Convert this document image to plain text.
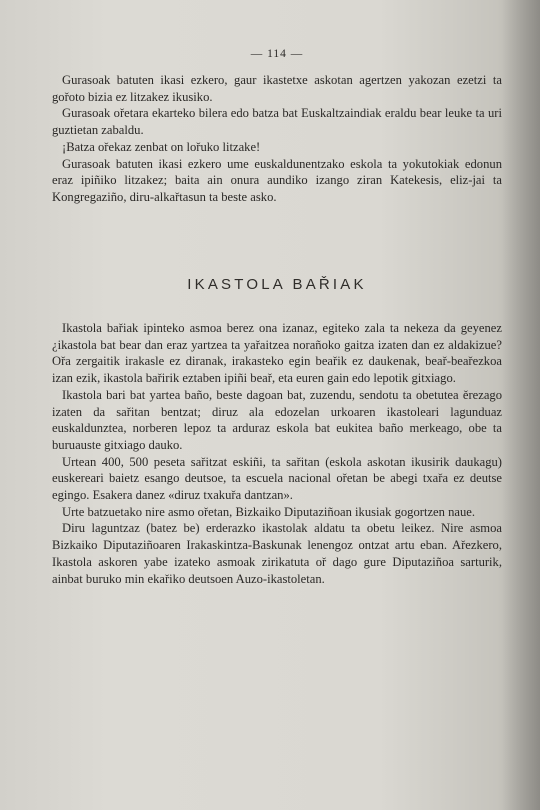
— 114 —

Gurasoak batuten ikasi ezkero, gaur ikastetxe askotan agertzen yakozan ezetzi ta gořoto bizia ez litzakez ikusiko.

Gurasoak ořetara ekarteko bilera edo batza bat Euskaltzaindiak eraldu bear leuke ta uri guztietan zabaldu.

¡Batza ořekaz zenbat on lořuko litzake!

Gurasoak batuten ikasi ezkero ume euskaldunentzako eskola ta yokutokiak edonun eraz ipiñiko litzakez; baita ain onura aundiko izango ziran Katekesis, eliz-jai ta Kongregaziño, diru-alkařtasun ta beste asko.

IKASTOLA BAŘIAK

Ikastola bařiak ipinteko asmoa berez ona izanaz, egiteko zala ta nekeza da geyenez ¿ikastola bat bear dan eraz yartzea ta yařaitzea norañoko gaitza izaten dan ez aldakizue? Ořa zergaitik irakasle ez diranak, irakasteko egin beařik ez daukenak, beař-beařezkoa izan ezik, ikastola bařirik eztaben ipiñi beař, eta euren gain edo lepotik gitxiago.

Ikastola bari bat yartea baño, beste dagoan bat, zuzendu, sendotu ta obetutea ěrezago izaten da sařitan bentzat; diruz ala edozelan urkoaren ikastoleari lagunduaz euskaldunztea, norberen lepoz ta arduraz eskola bat eukitea baño merkeago, obe ta buruauste gitxiago dauko.

Urtean 400, 500 peseta sařitzat eskiñi, ta sařitan (eskola askotan ikusirik daukagu) euskereari baietz esango deutsoe, ta escuela nacional ořetan be abegi txařa ez deutse egingo. Esakera danez «diruz txakuřa dantzan».

Urte batzuetako nire asmo ořetan, Bizkaiko Diputaziñoan ikusiak gogortzen naue.

Diru laguntzaz (batez be) erderazko ikastolak aldatu ta obetu leikez. Nire asmoa Bizkaiko Diputaziñoaren Irakaskintza-Baskunak lenengoz ontzat artu eban. Ařezkero, Ikastola askoren yabe izateko asmoak zirikatuta oř dago gure Diputaziñoa sarturik, ainbat buruko min ekařiko deutsoen Auzo-ikastoletan.
